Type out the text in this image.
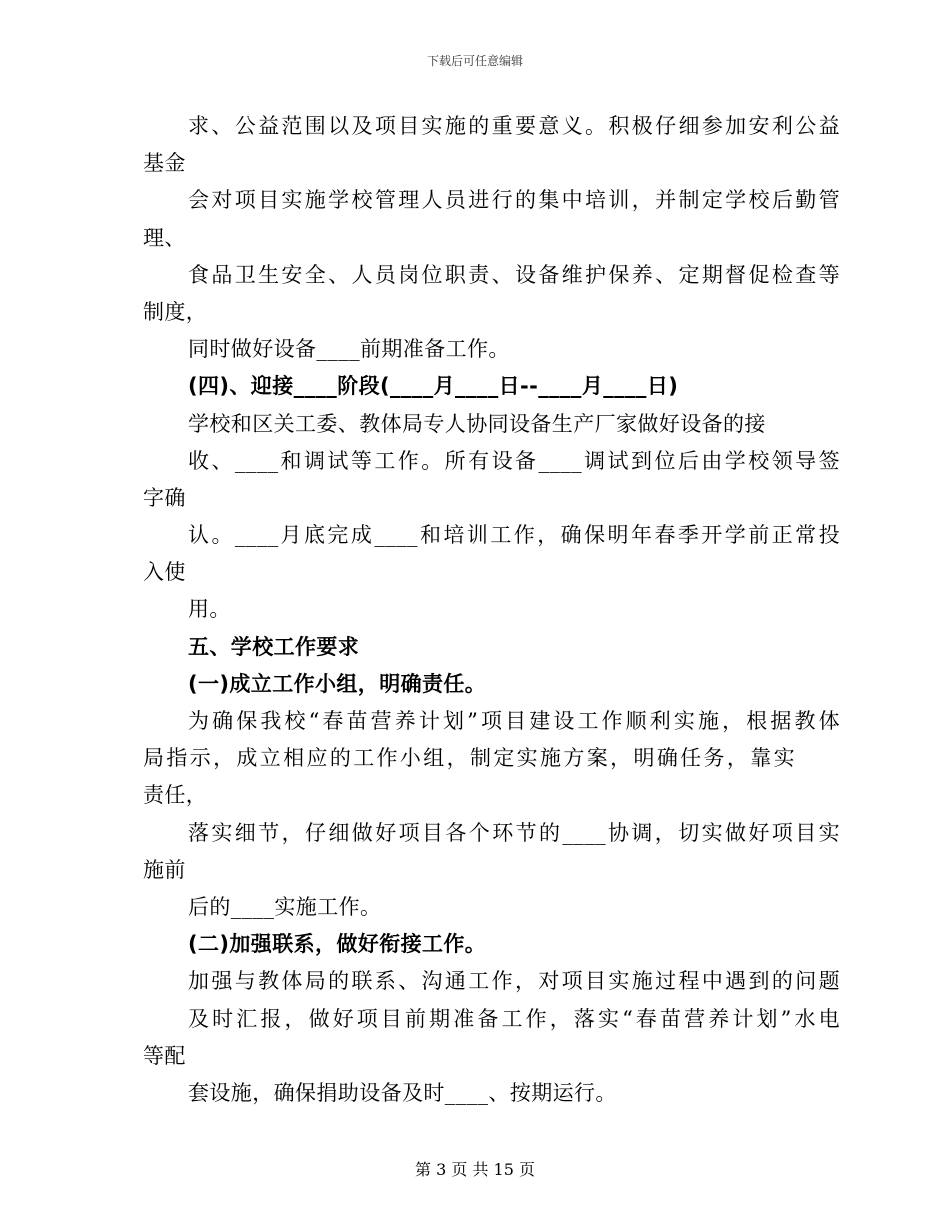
下载后可任意编辑
求、公益范围以及项目实施的重要意义。积极仔细参加安利公益
基金
会对项目实施学校管理人员进行的集中培训，并制定学校后勤管
理、
食品卫生安全、人员岗位职责、设备维护保养、定期督促检查等
制度，
同时做好设备____前期准备工作。
(四)、迎接____阶段(____月____日--____月____日)
学校和区关工委、教体局专人协同设备生产厂家做好设备的接
收、____和调试等工作。所有设备____调试到位后由学校领导签
字确
认。____月底完成____和培训工作，确保明年春季开学前正常投
入使
用。
五、学校工作要求
(一)成立工作小组，明确责任。
为确保我校“春苗营养计划”项目建设工作顺利实施，根据教体
局指示，成立相应的工作小组，制定实施方案，明确任务，靠实
责任，
落实细节，仔细做好项目各个环节的____协调，切实做好项目实
施前
后的____实施工作。
(二)加强联系，做好衔接工作。
加强与教体局的联系、沟通工作，对项目实施过程中遇到的问题
及时汇报，做好项目前期准备工作，落实“春苗营养计划”水电
等配
套设施，确保捐助设备及时____、按期运行。
第 3 页 共 15 页
